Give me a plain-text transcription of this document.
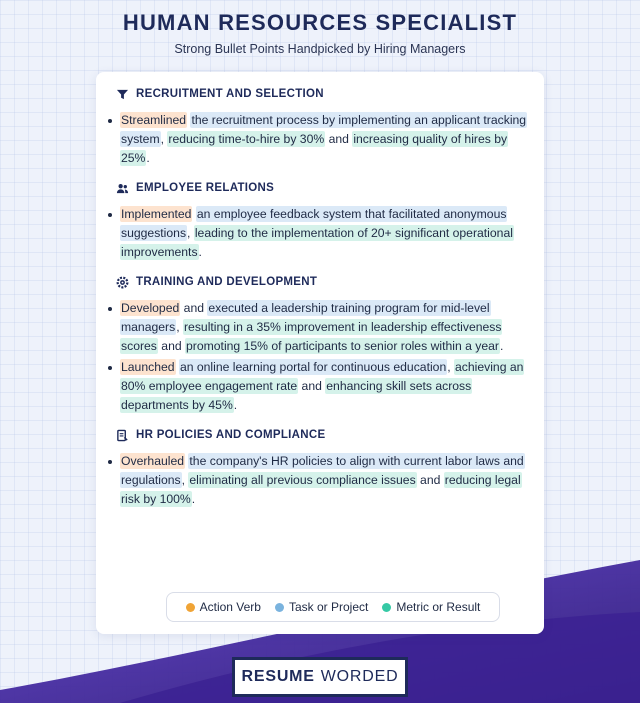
HUMAN RESOURCES SPECIALIST
Strong Bullet Points Handpicked by Hiring Managers
RECRUITMENT AND SELECTION
Streamlined the recruitment process by implementing an applicant tracking system, reducing time-to-hire by 30% and increasing quality of hires by 25%.
EMPLOYEE RELATIONS
Implemented an employee feedback system that facilitated anonymous suggestions, leading to the implementation of 20+ significant operational improvements.
TRAINING AND DEVELOPMENT
Developed and executed a leadership training program for mid-level managers, resulting in a 35% improvement in leadership effectiveness scores and promoting 15% of participants to senior roles within a year.
Launched an online learning portal for continuous education, achieving an 80% employee engagement rate and enhancing skill sets across departments by 45%.
HR POLICIES AND COMPLIANCE
Overhauled the company's HR policies to align with current labor laws and regulations, eliminating all previous compliance issues and reducing legal risk by 100%.
Action Verb Task or Project Metric or Result
RESUME WORDED
